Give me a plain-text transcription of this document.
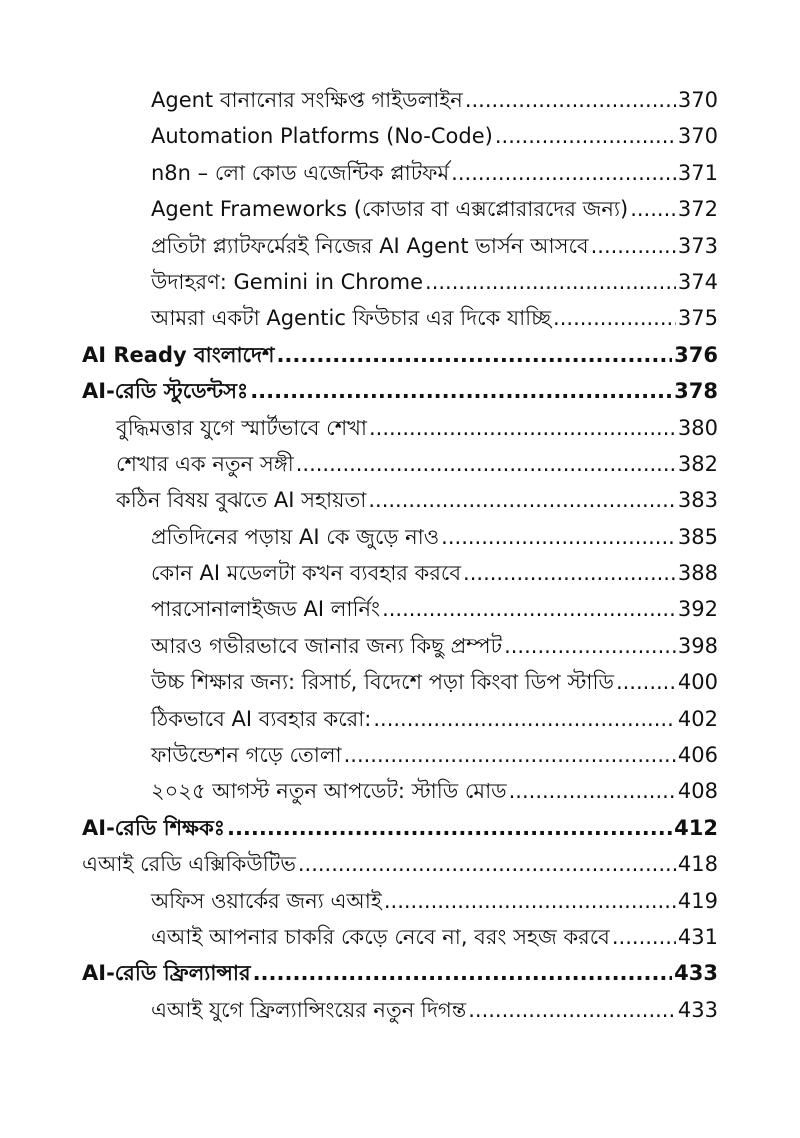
Agent বানানোর সংক্ষিপ্ত গাইডলাইন .....	370
Automation Platforms (No-Code) .....	370
n8n – লো কোড এজেন্টিক প্লাটফর্ম .....	371
Agent Frameworks (কোডার বা এক্সপ্লোরারদের জন্য) ..... 372
প্রতিটা প্ল্যাটফর্মেরই নিজের AI Agent ভার্সন আসবে .....	373
উদাহরণ: Gemini in Chrome .....	374
আমরা একটা Agentic ফিউচার এর দিকে যাচ্ছি .....	375
AI Ready বাংলাদেশ .....	376
AI-রেডি স্টুডেন্টসঃ .....	378
বুদ্ধিমত্তার যুগে স্মার্টভাবে শেখা .....	380
শেখার এক নতুন সঙ্গী .....	382
কঠিন বিষয় বুঝতে AI সহায়তা .....	383
প্রতিদিনের পড়ায় AI কে জুড়ে নাও .....	385
কোন AI মডেলটা কখন ব্যবহার করবে .....	388
পারসোনালাইজড AI লার্নিং .....	392
আরও গভীরভাবে জানার জন্য কিছু প্রম্পট .....	398
উচ্চ শিক্ষার জন্য: রিসার্চ, বিদেশে পড়া কিংবা ডিপ স্টাডি .....	400
ঠিকভাবে AI ব্যবহার করো: .....	402
ফাউন্ডেশন গড়ে তোলা .....	406
২০২৫ আগস্ট নতুন আপডেট: স্টাডি মোড .....	408
AI-রেডি শিক্ষকঃ .....	412
এআই রেডি এক্সিকিউটিভ .....	418
অফিস ওয়ার্কের জন্য এআই .....	419
এআই আপনার চাকরি কেড়ে নেবে না, বরং সহজ করবে .....	431
AI-রেডি ফ্রিল্যান্সার .....	433
এআই যুগে ফ্রিল্যান্সিংয়ের নতুন দিগন্ত .....	433
